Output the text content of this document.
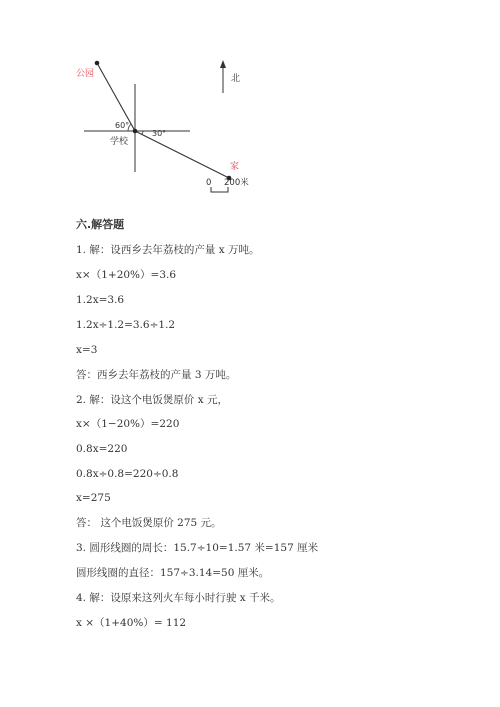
北
公园
60°
30°
学校
家
0 200米
六.解答题
1. 解：设西乡去年荔枝的产量 x 万吨。
x×（1+20%）=3.6
1.2x=3.6
1.2x÷1.2=3.6÷1.2
x=3
答：西乡去年荔枝的产量 3 万吨。
2. 解：设这个电饭煲原价 x 元，
x×（1−20%）=220
0.8x=220
0.8x÷0.8=220÷0.8
x=275
答： 这个电饭煲原价 275 元。
3. 圆形线圈的周长：15.7÷10=1.57 米=157 厘米
圆形线圈的直径：157÷3.14=50 厘米。
4. 解：设原来这列火车每小时行驶 x 千米。
x ×（1+40%）= 112
